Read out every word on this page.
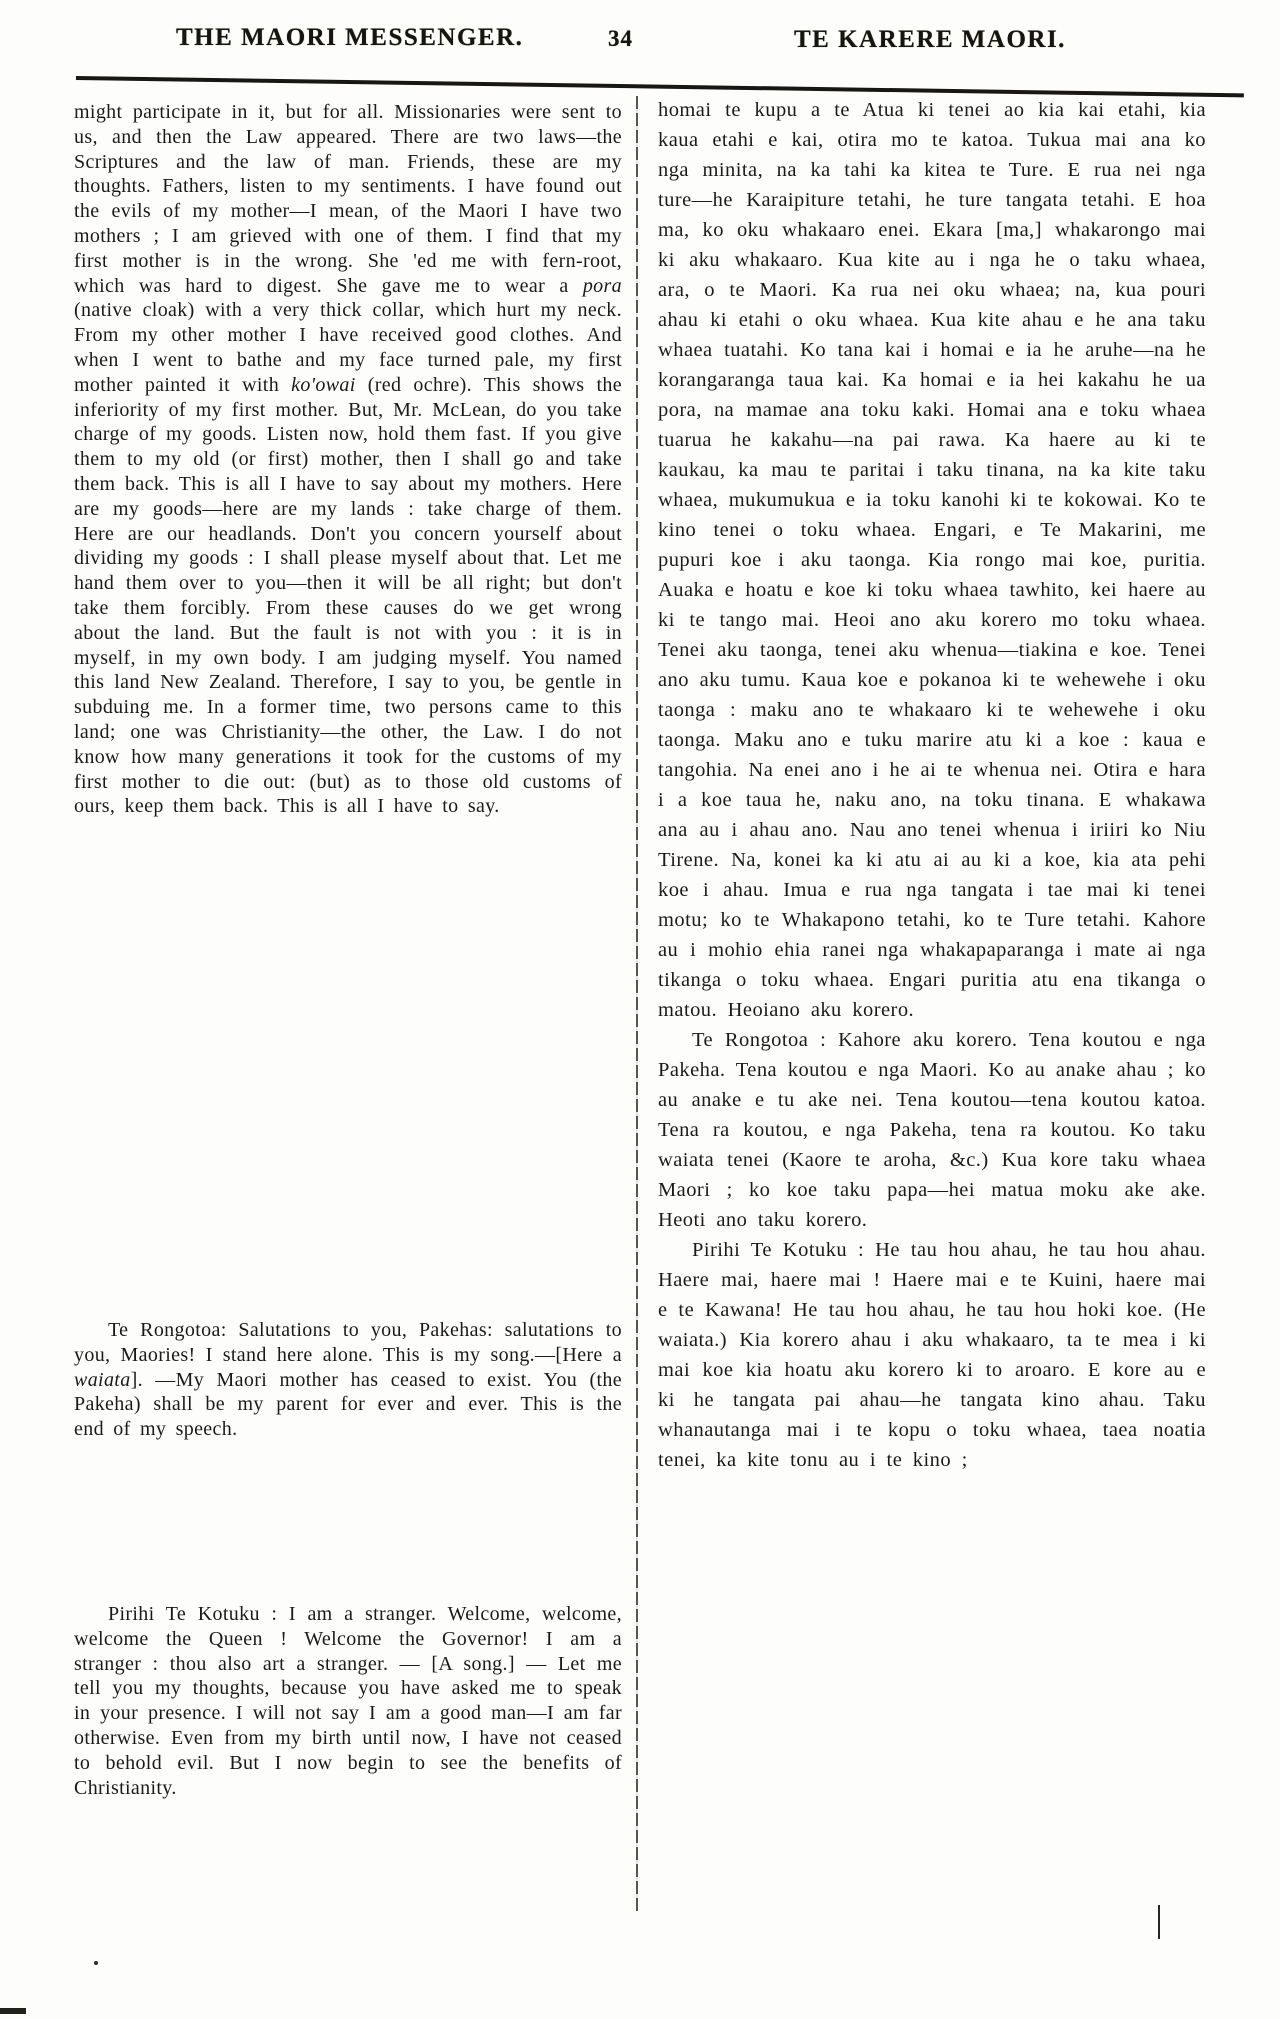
THE MAORI MESSENGER.	34	TE KARERE MAORI.

might participate in it, but for all. Missionaries were sent to us, and then the Law appeared. There are two laws—the Scriptures and the law of man. Friends, these are my thoughts. Fathers, listen to my sentiments. I have found out the evils of my mother—I mean, of the Maori I have two mothers ; I am grieved with one of them. I find that my first mother is in the wrong. She 'ed me with fern-root, which was hard to digest. She gave me to wear a pora (native cloak) with a very thick collar, which hurt my neck. From my other mother I have received good clothes. And when I went to bathe and my face turned pale, my first mother painted it with ko'owai (red ochre). This shows the inferiority of my first mother. But, Mr. McLean, do you take charge of my goods. Listen now, hold them fast. If you give them to my old (or first) mother, then I shall go and take them back. This is all I have to say about my mothers. Here are my goods—here are my lands : take charge of them. Here are our headlands. Don't you concern yourself about dividing my goods : I shall please myself about that. Let me hand them over to you—then it will be all right; but don't take them forcibly. From these causes do we get wrong about the land. But the fault is not with you : it is in myself, in my own body. I am judging myself. You named this land New Zealand. Therefore, I say to you, be gentle in subduing me. In a former time, two persons came to this land; one was Christianity—the other, the Law. I do not know how many generations it took for the customs of my first mother to die out: (but) as to those old customs of ours, keep them back. This is all I have to say.

Te Rongotoa: Salutations to you, Pakehas: salutations to you, Maories! I stand here alone. This is my song.—[Here a waiata]. —My Maori mother has ceased to exist. You (the Pakeha) shall be my parent for ever and ever. This is the end of my speech.

Pirihi Te Kotuku : I am a stranger. Welcome, welcome, welcome the Queen ! Welcome the Governor! I am a stranger : thou also art a stranger. — [A song.] — Let me tell you my thoughts, because you have asked me to speak in your presence. I will not say I am a good man—I am far otherwise. Even from my birth until now, I have not ceased to behold evil. But I now begin to see the benefits of Christianity.

homai te kupu a te Atua ki tenei ao kia kai etahi, kia kaua etahi e kai, otira mo te katoa. Tukua mai ana ko nga minita, na ka tahi ka kitea te Ture. E rua nei nga ture—he Karaipiture tetahi, he ture tangata tetahi. E hoa ma, ko oku whakaaro enei. Ekara [ma,] whakarongo mai ki aku whakaaro. Kua kite au i nga he o taku whaea, ara, o te Maori. Ka rua nei oku whaea; na, kua pouri ahau ki etahi o oku whaea. Kua kite ahau e he ana taku whaea tuatahi. Ko tana kai i homai e ia he aruhe—na he korangaranga taua kai. Ka homai e ia hei kakahu he ua pora, na mamae ana toku kaki. Homai ana e toku whaea tuarua he kakahu—na pai rawa. Ka haere au ki te kaukau, ka mau te paritai i taku tinana, na ka kite taku whaea, mukumukua e ia toku kanohi ki te kokowai. Ko te kino tenei o toku whaea. Engari, e Te Makarini, me pupuri koe i aku taonga. Kia rongo mai koe, puritia. Auaka e hoatu e koe ki toku whaea tawhito, kei haere au ki te tango mai. Heoi ano aku korero mo toku whaea. Tenei aku taonga, tenei aku whenua—tiakina e koe. Tenei ano aku tumu. Kaua koe e pokanoa ki te wehewehe i oku taonga : maku ano te whakaaro ki te wehewehe i oku taonga. Maku ano e tuku marire atu ki a koe : kaua e tangohia. Na enei ano i he ai te whenua nei. Otira e hara i a koe taua he, naku ano, na toku tinana. E whakawa ana au i ahau ano. Nau ano tenei whenua i iriiri ko Niu Tirene. Na, konei ka ki atu ai au ki a koe, kia ata pehi koe i ahau. Imua e rua nga tangata i tae mai ki tenei motu; ko te Whakapono tetahi, ko te Ture tetahi. Kahore au i mohio ehia ranei nga whakapaparanga i mate ai nga tikanga o toku whaea. Engari puritia atu ena tikanga o matou. Heoiano aku korero.

Te Rongotoa : Kahore aku korero. Tena koutou e nga Pakeha. Tena koutou e nga Maori. Ko au anake ahau ; ko au anake e tu ake nei. Tena koutou—tena koutou katoa. Tena ra koutou, e nga Pakeha, tena ra koutou. Ko taku waiata tenei (Kaore te aroha, &c.) Kua kore taku whaea Maori ; ko koe taku papa—hei matua moku ake ake. Heoti ano taku korero.

Pirihi Te Kotuku : He tau hou ahau, he tau hou ahau. Haere mai, haere mai ! Haere mai e te Kuini, haere mai e te Kawana! He tau hou ahau, he tau hou hoki koe. (He waiata.) Kia korero ahau i aku whakaaro, ta te mea i ki mai koe kia hoatu aku korero ki to aroaro. E kore au e ki he tangata pai ahau—he tangata kino ahau. Taku whanautanga mai i te kopu o toku whaea, taea noatia tenei, ka kite tonu au i te kino ;
